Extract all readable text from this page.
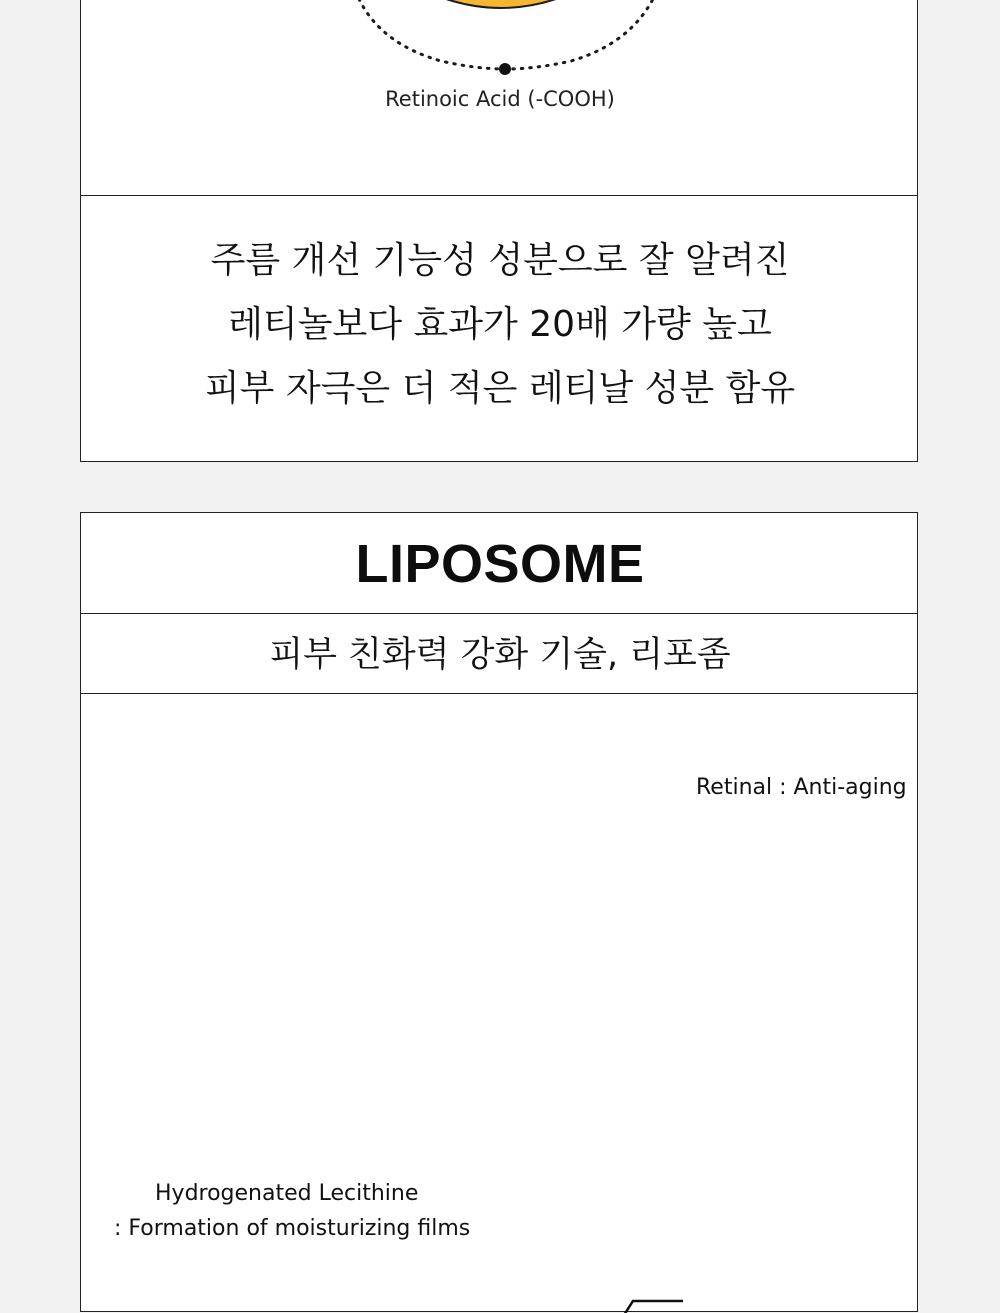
Retinoic Acid (-COOH)
주름 개선 기능성 성분으로 잘 알려진
레티놀보다 효과가 20배 가량 높고
피부 자극은 더 적은 레티날 성분 함유
LIPOSOME
피부 친화력 강화 기술, 리포좀
Retinal : Anti-aging
Hydrogenated Lecithine
: Formation of moisturizing films
